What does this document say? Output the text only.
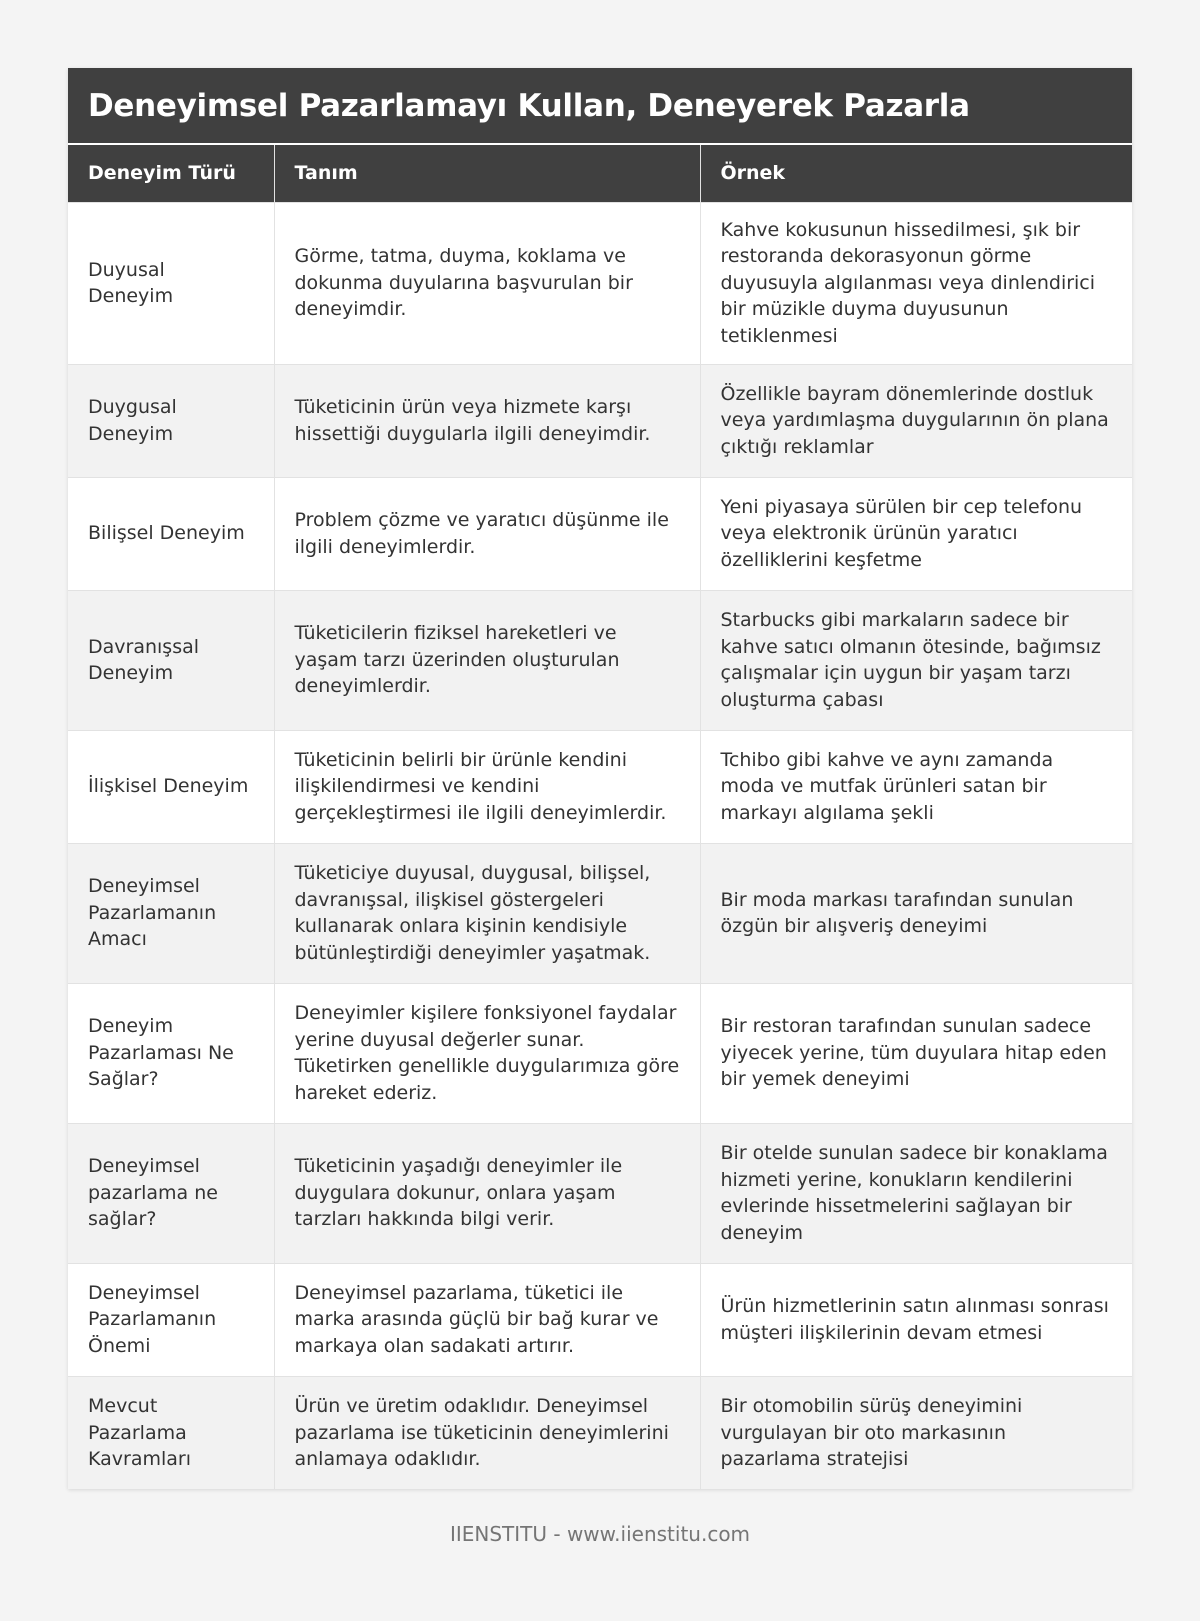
Deneyimsel Pazarlamayı Kullan, Deneyerek Pazarla
Deneyim Türü	Tanım	Örnek
Duyusal Deneyim	Görme, tatma, duyma, koklama ve dokunma duyularına başvurulan bir deneyimdir.	Kahve kokusunun hissedilmesi, şık bir restoranda dekorasyonun görme duyusuyla algılanması veya dinlendirici bir müzikle duyma duyusunun tetiklenmesi
Duygusal Deneyim	Tüketicinin ürün veya hizmete karşı hissettiği duygularla ilgili deneyimdir.	Özellikle bayram dönemlerinde dostluk veya yardımlaşma duygularının ön plana çıktığı reklamlar
Bilişsel Deneyim	Problem çözme ve yaratıcı düşünme ile ilgili deneyimlerdir.	Yeni piyasaya sürülen bir cep telefonu veya elektronik ürünün yaratıcı özelliklerini keşfetme
Davranışsal Deneyim	Tüketicilerin fiziksel hareketleri ve yaşam tarzı üzerinden oluşturulan deneyimlerdir.	Starbucks gibi markaların sadece bir kahve satıcı olmanın ötesinde, bağımsız çalışmalar için uygun bir yaşam tarzı oluşturma çabası
İlişkisel Deneyim	Tüketicinin belirli bir ürünle kendini ilişkilendirmesi ve kendini gerçekleştirmesi ile ilgili deneyimlerdir.	Tchibo gibi kahve ve aynı zamanda moda ve mutfak ürünleri satan bir markayı algılama şekli
Deneyimsel Pazarlamanın Amacı	Tüketiciye duyusal, duygusal, bilişsel, davranışsal, ilişkisel göstergeleri kullanarak onlara kişinin kendisiyle bütünleştirdiği deneyimler yaşatmak.	Bir moda markası tarafından sunulan özgün bir alışveriş deneyimi
Deneyim Pazarlaması Ne Sağlar?	Deneyimler kişilere fonksiyonel faydalar yerine duyusal değerler sunar. Tüketirken genellikle duygularımıza göre hareket ederiz.	Bir restoran tarafından sunulan sadece yiyecek yerine, tüm duyulara hitap eden bir yemek deneyimi
Deneyimsel pazarlama ne sağlar?	Tüketicinin yaşadığı deneyimler ile duygulara dokunur, onlara yaşam tarzları hakkında bilgi verir.	Bir otelde sunulan sadece bir konaklama hizmeti yerine, konukların kendilerini evlerinde hissetmelerini sağlayan bir deneyim
Deneyimsel Pazarlamanın Önemi	Deneyimsel pazarlama, tüketici ile marka arasında güçlü bir bağ kurar ve markaya olan sadakati artırır.	Ürün hizmetlerinin satın alınması sonrası müşteri ilişkilerinin devam etmesi
Mevcut Pazarlama Kavramları	Ürün ve üretim odaklıdır. Deneyimsel pazarlama ise tüketicinin deneyimlerini anlamaya odaklıdır.	Bir otomobilin sürüş deneyimini vurgulayan bir oto markasının pazarlama stratejisi
IIENSTITU - www.iienstitu.com
